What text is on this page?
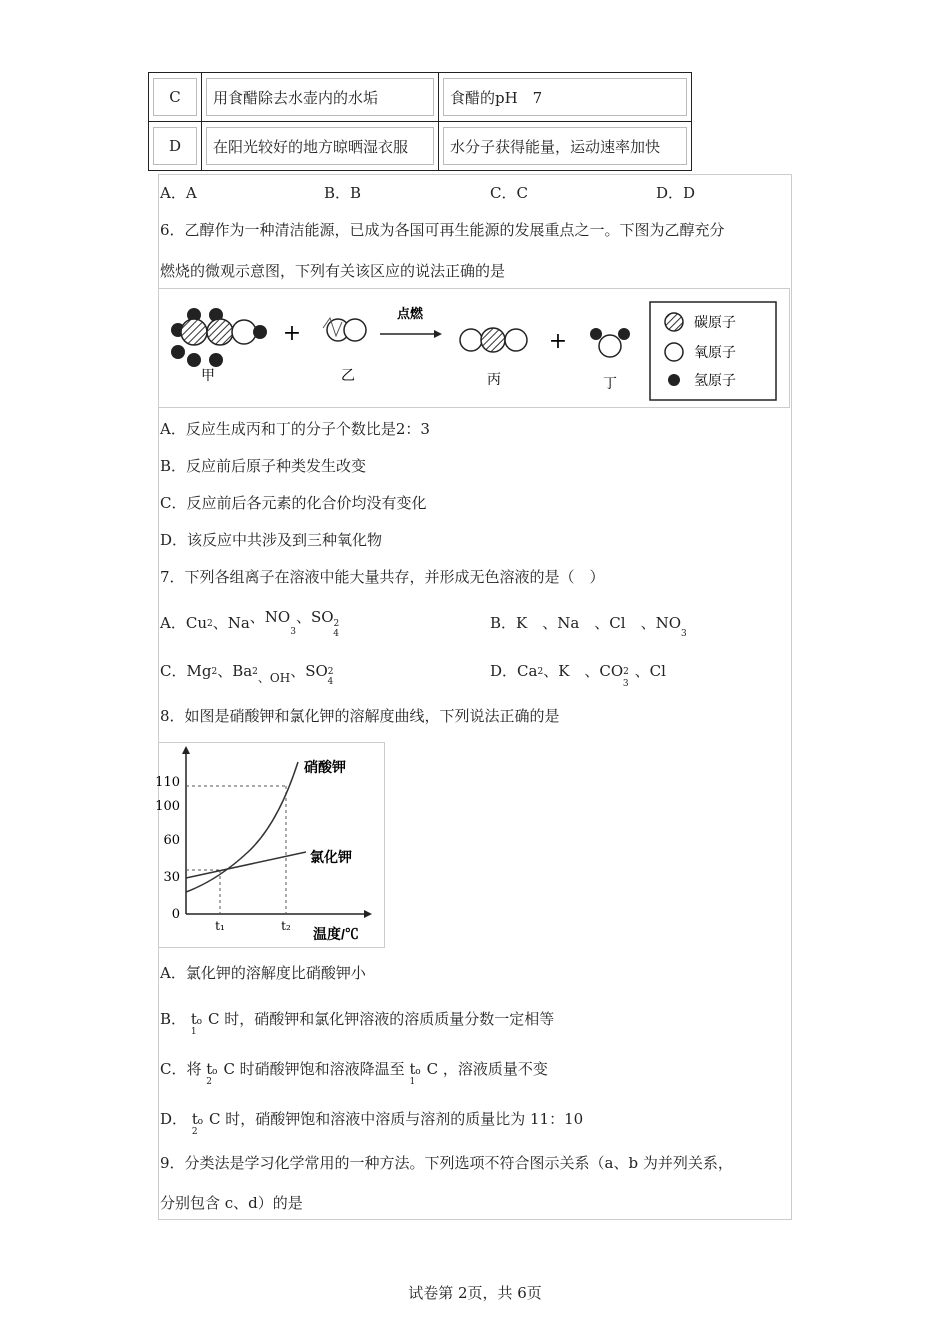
C	用食醋除去水壶内的水垢	食醋的pH　7

D	在阳光较好的地方晾晒湿衣服	水分子获得能量，运动速率加快
A．A	B．B	C．C	D．D
6．乙醇作为一种清洁能源，已成为各国可再生能源的发展重点之一。下图为乙醇充分
燃烧的微观示意图，下列有关该区应的说法正确的是
甲
+
乙
点燃
丙
+
丁
碳原子
氧原子
氢原子
A．反应生成丙和丁的分子个数比是2：3
B．反应前后原子种类发生改变
C．反应前后各元素的化合价均没有变化
D．该反应中共涉及到三种氧化物
7．下列各组离子在溶液中能大量共存，并形成无色溶液的是（　）
A．Cu2、Na、$NO_3$、$SO2_4$
B．K　、Na　、Cl　、$NO_3$
C．Mg2、$Ba2_{、OH}$、$SO2_4$
D．Ca2、K　、$CO2_3$、Cl
8．如图是硝酸钾和氯化钾的溶解度曲线，下列说法正确的是
0
30
60
110
100
t₁	t₂ 温度/℃
硝酸钾
氯化钾
A．氯化钾的溶解度比硝酸钾小
B． $t_1o$ C 时，硝酸钾和氯化钾溶液的溶质质量分数一定相等
C．将 $t_2o$ C 时硝酸钾饱和溶液降温至 $t_1o$ C ，溶液质量不变
D． $t_2o$ C 时，硝酸钾饱和溶液中溶质与溶剂的质量比为 11：10
9．分类法是学习化学常用的一种方法。下列选项不符合图示关系（a、b 为并列关系，
分别包含 c、d）的是
试卷第 2页，共 6页
